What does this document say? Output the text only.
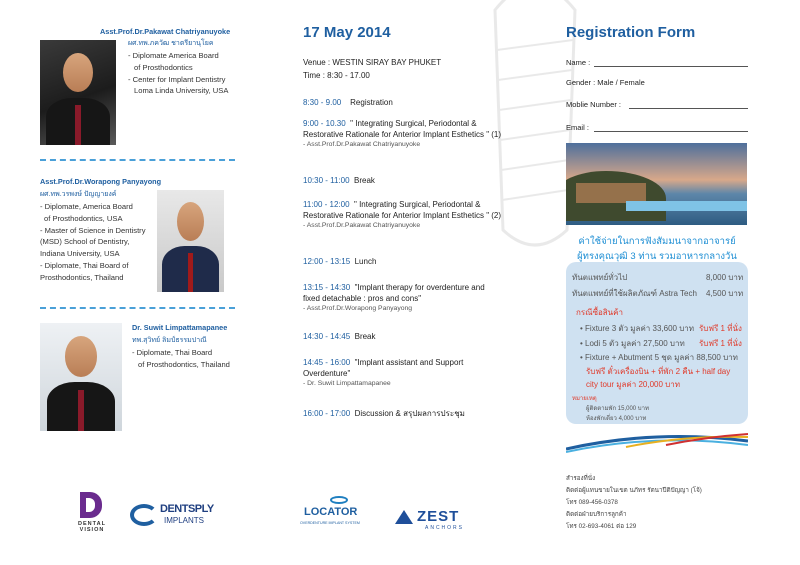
Asst.Prof.Dr.Pakawat Chatriyanuyoke
ผศ.ทพ.ภควัฒ ชาตรียานุโยค
- Diplomate America Board
of Prosthodontics
- Center for Implant Dentistry
Loma Linda University, USA
Asst.Prof.Dr.Worapong Panyayong
ผศ.ทพ.วรพงษ์ ปัญญายงค์
- Diplomate, America Board
of Prosthodontics, USA
- Master of Science in Dentistry
(MSD) School of Dentistry,
Indiana University, USA
- Diplomate, Thai Board of
Prosthodontics, Thailand
Dr. Suwit Limpattamapanee
ทพ.สุวิทย์ ลิมป์ธรรมปาณี
- Diplomate, Thai Board
of Prosthodontics, Thailand
DENTAL VISION
DENTSPLY
IMPLANTS
17 May 2014
Venue : WESTIN SIRAY BAY PHUKET
Time : 8:30 - 17.00
8:30 - 9.00 Registration
9:00 - 10.30 " Integrating Surgical, Periodontal & Restorative Rationale for Anterior Implant Esthetics " (1)
- Asst.Prof.Dr.Pakawat Chatriyanuyoke
10:30 - 11:00 Break
11:00 - 12:00 " Integrating Surgical, Periodontal & Restorative Rationale for Anterior Implant Esthetics " (2)
- Asst.Prof.Dr.Pakawat Chatriyanuyoke
12:00 - 13:15 Lunch
13:15 - 14:30 "Implant therapy for overdenture and fixed detachable : pros and cons"
- Asst.Prof.Dr.Worapong Panyayong
14:30 - 14:45 Break
14:45 - 16:00 "Implant assistant and Support Overdenture"
- Dr. Suwit Limpattamapanee
16:00 - 17:00 Discussion & สรุปผลการประชุม
LOCATOR
OVERDENTURE IMPLANT SYSTEM	ZEST
ANCHORS
Registration Form
Name :
Gender : Male / Female
Moblie Number :
Email :
ค่าใช้จ่ายในการฟังสัมมนาจากอาจารย์
ผู้ทรงคุณวุฒิ 3 ท่าน รวมอาหารกลางวัน
ทันตแพทย์ทั่วไป	8,000 บาท
ทันตแพทย์ที่ใช้ผลิตภัณฑ์ Astra Tech 4,500 บาท
กรณีซื้อสินค้า
• Fixture 3 ตัว มูลค่า 33,600 บาท รับฟรี 1 ที่นั่ง
• Lodi 5 ตัว มูลค่า 27,500 บาท รับฟรี 1 ที่นั่ง
• Fixture + Abutment 5 ชุด มูลค่า 88,500 บาท
รับฟรี ตั๋วเครื่องบิน + ที่พัก 2 คืน + half day
city tour มูลค่า 20,000 บาท
หมายเหตุ
ผู้ติดตามพัก 15,000 บาท
ห้องพักเดี่ยว 4,000 บาท
สำรองที่นั่ง
ติดต่อผู้แทนขายในเขต นภัทร รัตนาปีติปัญญา (โจ้)
โทร 089-456-0378
ติดต่อฝ่ายบริการลูกค้า
โทร 02-693-4061 ต่อ 129
